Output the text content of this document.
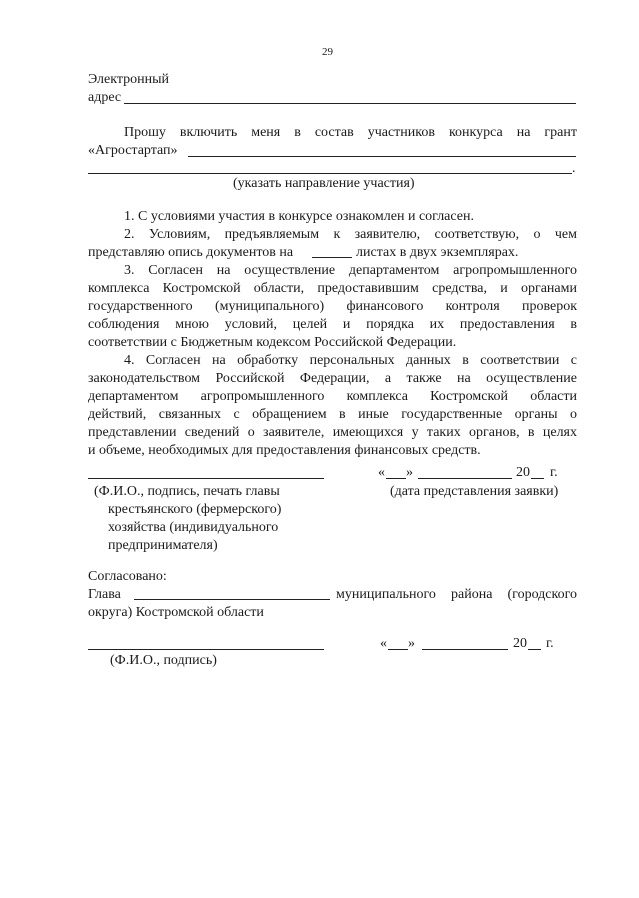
29
Электронный
адрес
Прошу включить меня в состав участников конкурса на грант
«Агростартап»
.
(указать направление участия)
1. С условиями участия в конкурсе ознакомлен и согласен.
2. Условиям, предъявляемым к заявителю, соответствую, о чем
представляю опись документов на	листах в двух экземплярах.
3. Согласен на осуществление департаментом агропромышленного
комплекса Костромской области, предоставившим средства, и органами
государственного (муниципального) финансового контроля проверок
соблюдения мною условий, целей и порядка их предоставления в
соответствии с Бюджетным кодексом Российской Федерации.
4. Согласен на обработку персональных данных в соответствии с
законодательством Российской Федерации, а также на осуществление
департаментом агропромышленного комплекса Костромской области
действий, связанных с обращением в иные государственные органы о
представлении сведений о заявителе, имеющихся у таких органов, в целях
и объеме, необходимых для предоставления финансовых средств.
« »	20 г.
(Ф.И.О., подпись, печать главы	(дата представления заявки)
крестьянского (фермерского)
хозяйства (индивидуального
предпринимателя)
Согласовано:
Глава	муниципального района (городского
округа) Костромской области
« »	20 г.
(Ф.И.О., подпись)
